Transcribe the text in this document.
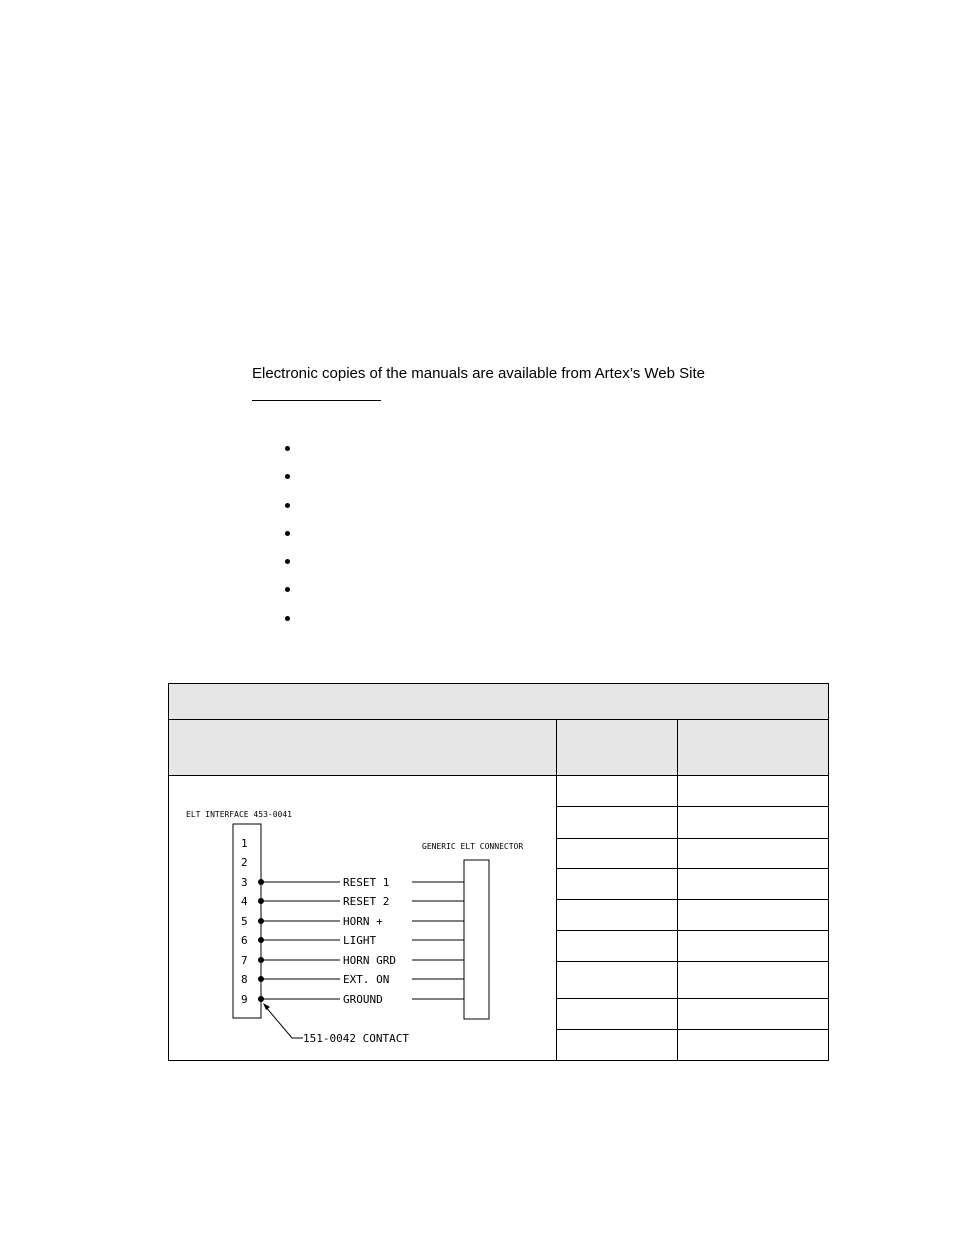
Electronic copies of the manuals are available from Artex’s Web Site

ELT INTERFACE 453-0041
GENERIC ELT CONNECTOR
1
2
3
4
5
6
7
8
9
RESET 1
RESET 2
HORN +
LIGHT
HORN GRD
EXT. ON
GROUND
151-0042 CONTACT
